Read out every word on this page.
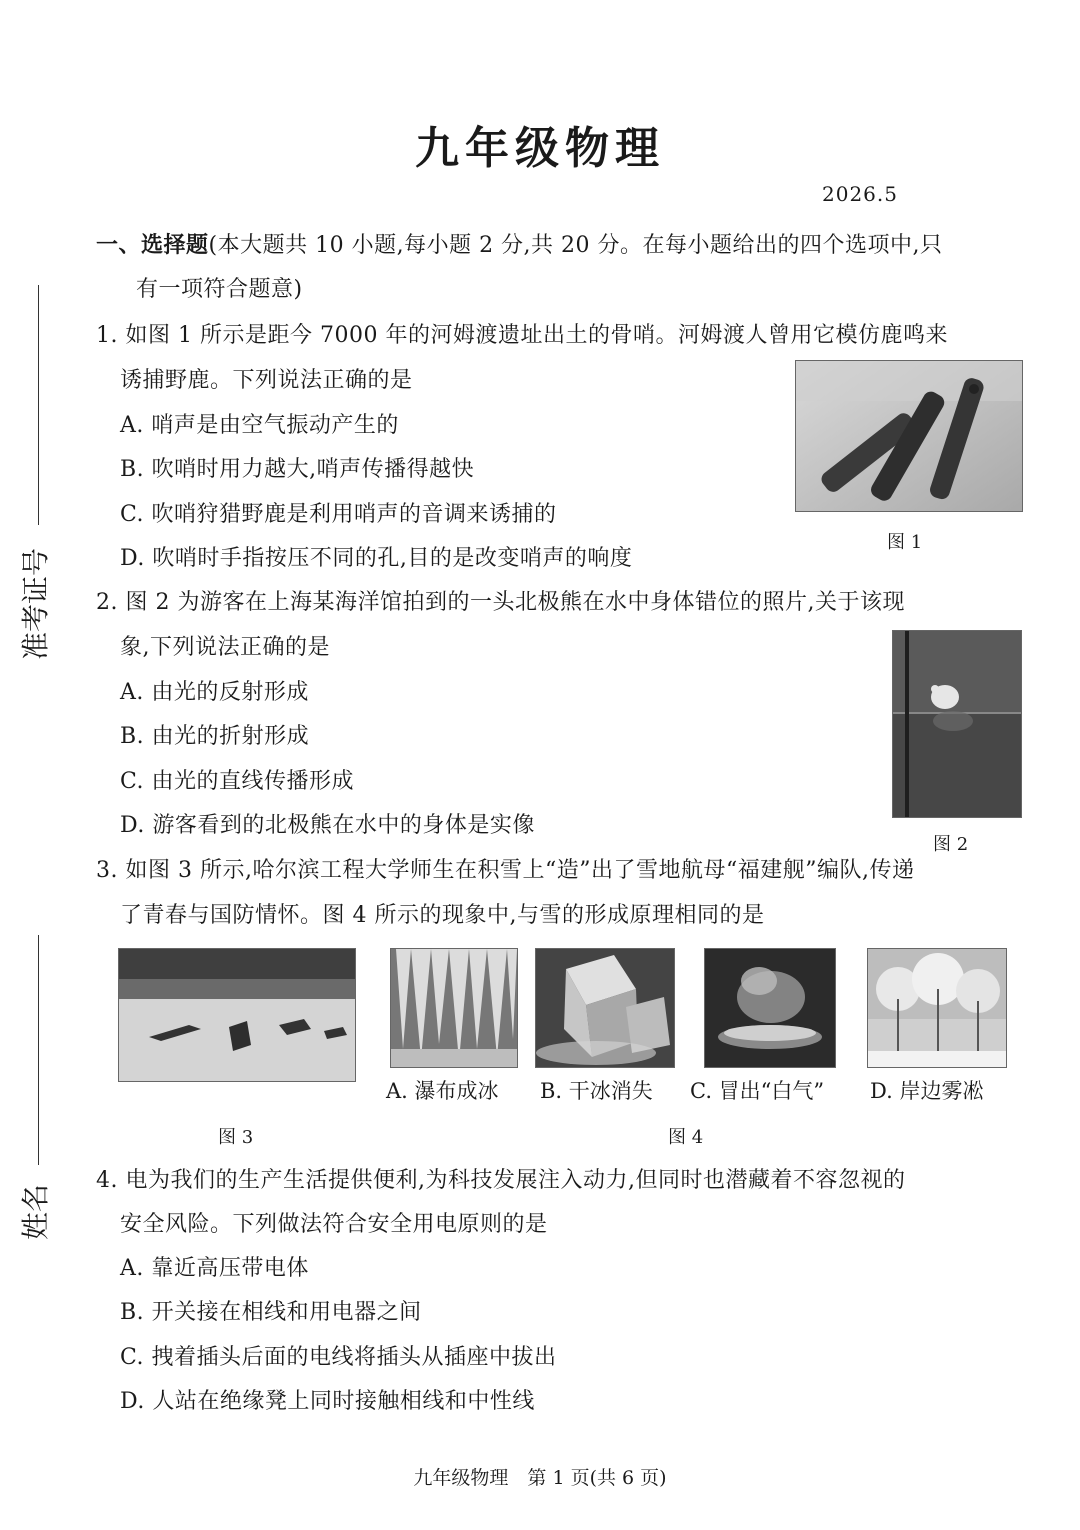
九年级物理
2026.5
准考证号
姓名
一、选择题(本大题共 10 小题,每小题 2 分,共 20 分。在每小题给出的四个选项中,只
有一项符合题意)
1. 如图 1 所示是距今 7000 年的河姆渡遗址出土的骨哨。河姆渡人曾用它模仿鹿鸣来
诱捕野鹿。下列说法正确的是
A. 哨声是由空气振动产生的
B. 吹哨时用力越大,哨声传播得越快
C. 吹哨狩猎野鹿是利用哨声的音调来诱捕的
D. 吹哨时手指按压不同的孔,目的是改变哨声的响度
图 1
2. 图 2 为游客在上海某海洋馆拍到的一头北极熊在水中身体错位的照片,关于该现
象,下列说法正确的是
A. 由光的反射形成
B. 由光的折射形成
C. 由光的直线传播形成
D. 游客看到的北极熊在水中的身体是实像
图 2
3. 如图 3 所示,哈尔滨工程大学师生在积雪上“造”出了雪地航母“福建舰”编队,传递
了青春与国防情怀。图 4 所示的现象中,与雪的形成原理相同的是
A. 瀑布成冰 B. 干冰消失 C. 冒出“白气” D. 岸边雾凇
图 3	图 4
4. 电为我们的生产生活提供便利,为科技发展注入动力,但同时也潜藏着不容忽视的
安全风险。下列做法符合安全用电原则的是
A. 靠近高压带电体
B. 开关接在相线和用电器之间
C. 拽着插头后面的电线将插头从插座中拔出
D. 人站在绝缘凳上同时接触相线和中性线
九年级物理　第 1 页(共 6 页)
